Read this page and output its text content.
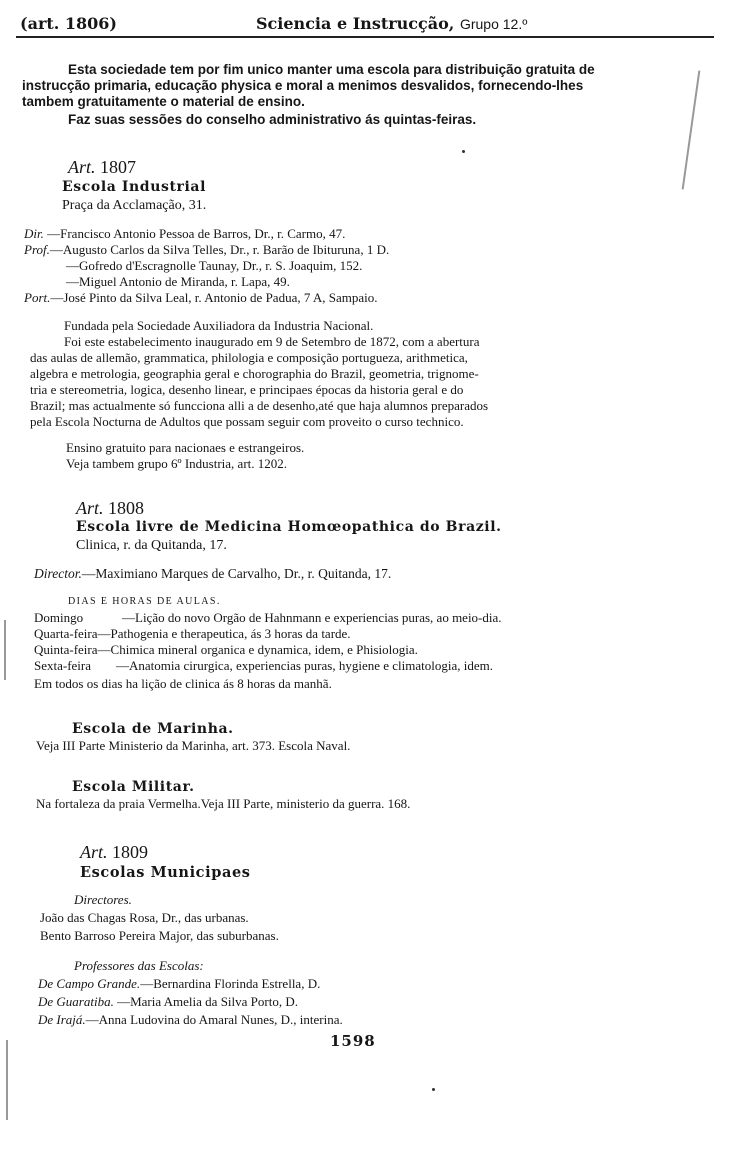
(art. 1806)	Sciencia e Instrucção, Grupo 12.º
Esta sociedade tem por fim unico manter uma escola para distribuição gratuita de
instrucção primaria, educação physica e moral a menimos desvalidos, fornecendo-lhes
tambem gratuitamente o material de ensino.
Faz suas sessões do conselho administrativo ás quintas-feiras.
Art. 1807
Escola Industrial
Praça da Acclamação, 31.
Dir. —Francisco Antonio Pessoa de Barros, Dr., r. Carmo, 47.
Prof.—Augusto Carlos da Silva Telles, Dr., r. Barão de Ibituruna, 1 D.
—Gofredo d'Escragnolle Taunay, Dr., r. S. Joaquim, 152.
—Miguel Antonio de Miranda, r. Lapa, 49.
Port.—José Pinto da Silva Leal, r. Antonio de Padua, 7 A, Sampaio.
Fundada pela Sociedade Auxiliadora da Industria Nacional.
Foi este estabelecimento inaugurado em 9 de Setembro de 1872, com a abertura
das aulas de allemão, grammatica, philologia e composição portugueza, arithmetica,
algebra e metrologia, geographia geral e chorographia do Brazil, geometria, trignome-
tria e stereometria, logica, desenho linear, e principaes épocas da historia geral e do
Brazil; mas actualmente só funcciona alli a de desenho,até que haja alumnos preparados
pela Escola Nocturna de Adultos que possam seguir com proveito o curso technico.
Ensino gratuito para nacionaes e estrangeiros.
Veja tambem grupo 6º Industria, art. 1202.
Art. 1808
Escola livre de Medicina Homœopathica do Brazil.
Clinica, r. da Quitanda, 17.
Director.—Maximiano Marques de Carvalho, Dr., r. Quitanda, 17.
DIAS E HORAS DE AULAS.
Domingo	—Lição do novo Orgão de Hahnmann e experiencias puras, ao meio-dia.
Quarta-feira—Pathogenia e therapeutica, ás 3 horas da tarde.
Quinta-feira—Chimica mineral organica e dynamica, idem, e Phisiologia.
Sexta-feira —Anatomia cirurgica, experiencias puras, hygiene e climatologia, idem.
Em todos os dias ha lição de clinica ás 8 horas da manhã.
Escola de Marinha.
Veja III Parte Ministerio da Marinha, art. 373. Escola Naval.
Escola Militar.
Na fortaleza da praia Vermelha.Veja III Parte, ministerio da guerra. 168.
Art. 1809
Escolas Municipaes
Directores.
João das Chagas Rosa, Dr., das urbanas.
Bento Barroso Pereira Major, das suburbanas.
Professores das Escolas:
De Campo Grande.—Bernardina Florinda Estrella, D.
De Guaratiba. —Maria Amelia da Silva Porto, D.
De Irajá.—Anna Ludovina do Amaral Nunes, D., interina.
1598
